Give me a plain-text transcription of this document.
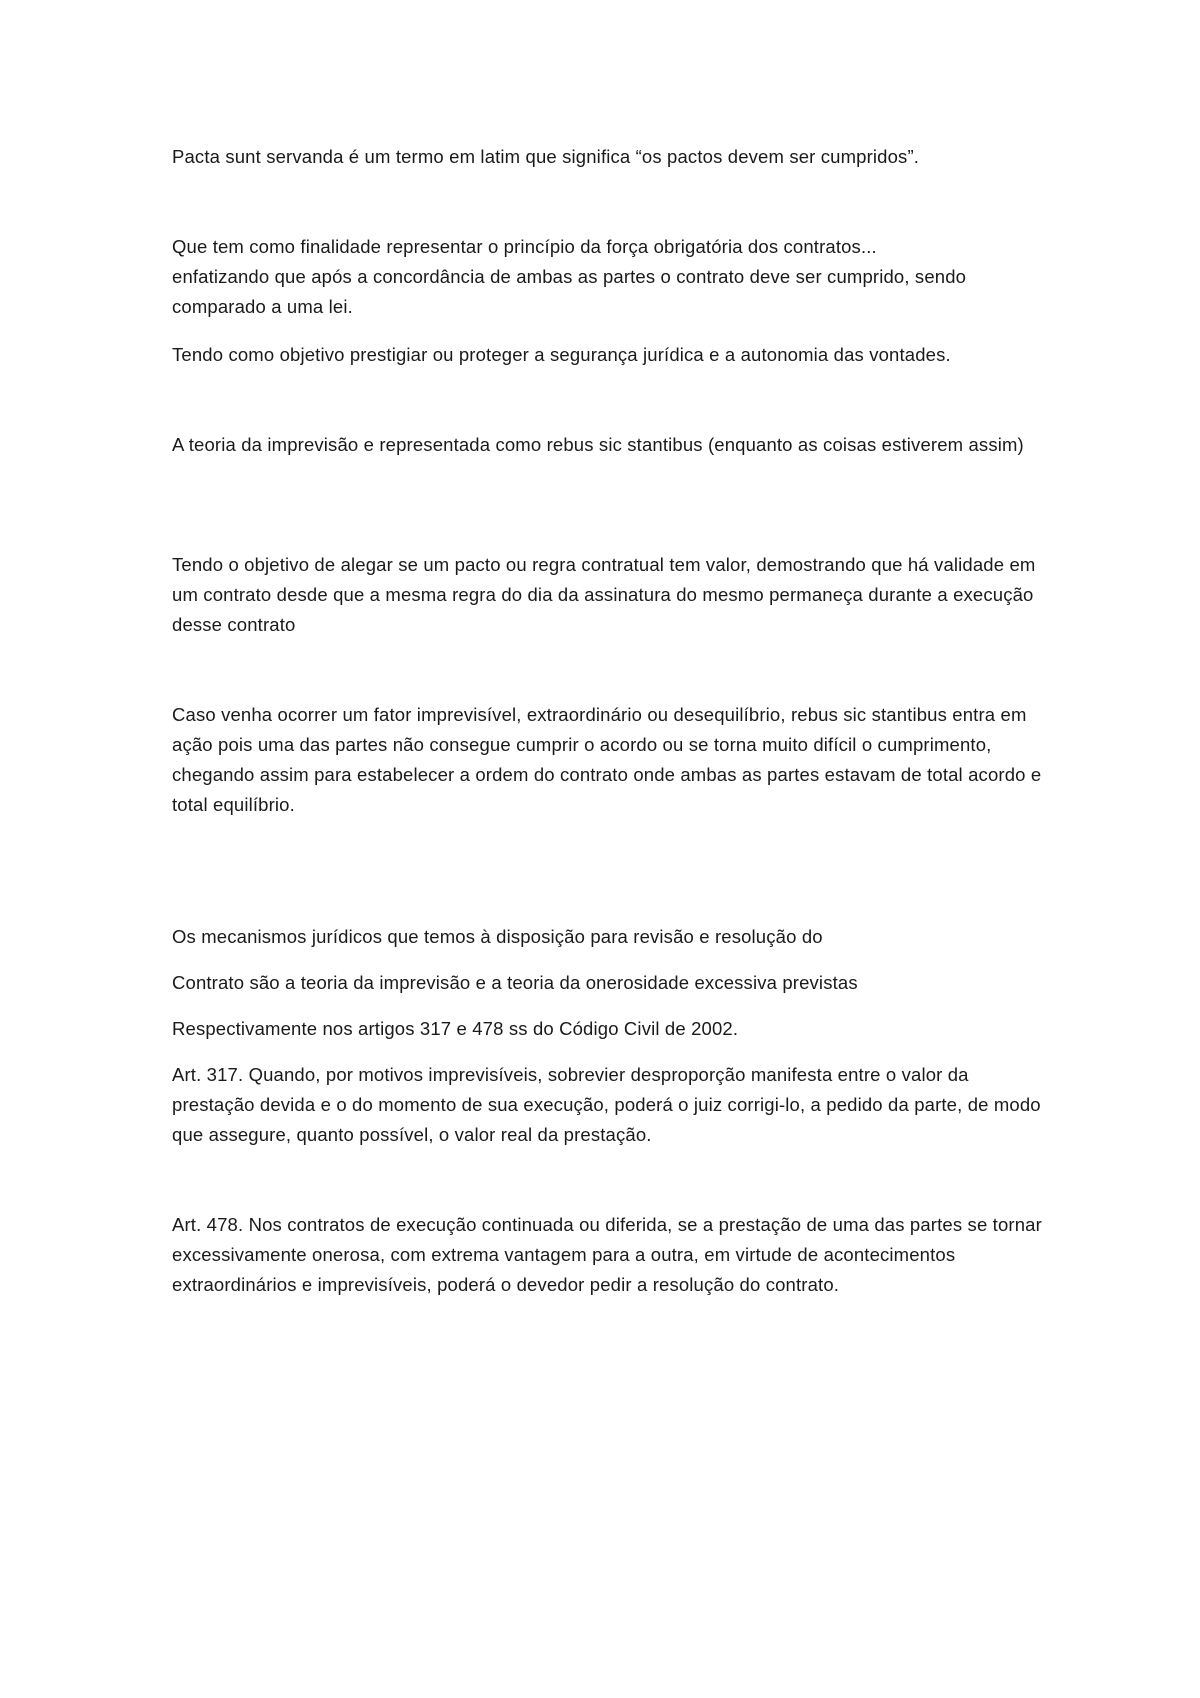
Pacta sunt servanda é um termo em latim que significa “os pactos devem ser cumpridos”.

Que tem como finalidade representar o princípio da força obrigatória dos contratos...
enfatizando que após a concordância de ambas as partes o contrato deve ser cumprido, sendo comparado a uma lei.

Tendo como objetivo prestigiar ou proteger a segurança jurídica e a autonomia das vontades.

A teoria da imprevisão e representada como rebus sic stantibus (enquanto as coisas estiverem assim)

Tendo o objetivo de alegar se um pacto ou regra contratual tem valor, demostrando que há validade em um contrato desde que a mesma regra do dia da assinatura do mesmo permaneça durante a execução desse contrato

Caso venha ocorrer um fator imprevisível, extraordinário ou desequilíbrio, rebus sic stantibus entra em ação pois uma das partes não consegue cumprir o acordo ou se torna muito difícil o cumprimento, chegando assim para estabelecer a ordem do contrato onde ambas as partes estavam de total acordo e total equilíbrio.

Os mecanismos jurídicos que temos à disposição para revisão e resolução do

Contrato são a teoria da imprevisão e a teoria da onerosidade excessiva previstas

Respectivamente nos artigos 317 e 478 ss do Código Civil de 2002.

Art. 317. Quando, por motivos imprevisíveis, sobrevier desproporção manifesta entre o valor da prestação devida e o do momento de sua execução, poderá o juiz corrigi-lo, a pedido da parte, de modo que assegure, quanto possível, o valor real da prestação.

Art. 478. Nos contratos de execução continuada ou diferida, se a prestação de uma das partes se tornar excessivamente onerosa, com extrema vantagem para a outra, em virtude de acontecimentos extraordinários e imprevisíveis, poderá o devedor pedir a resolução do contrato.
